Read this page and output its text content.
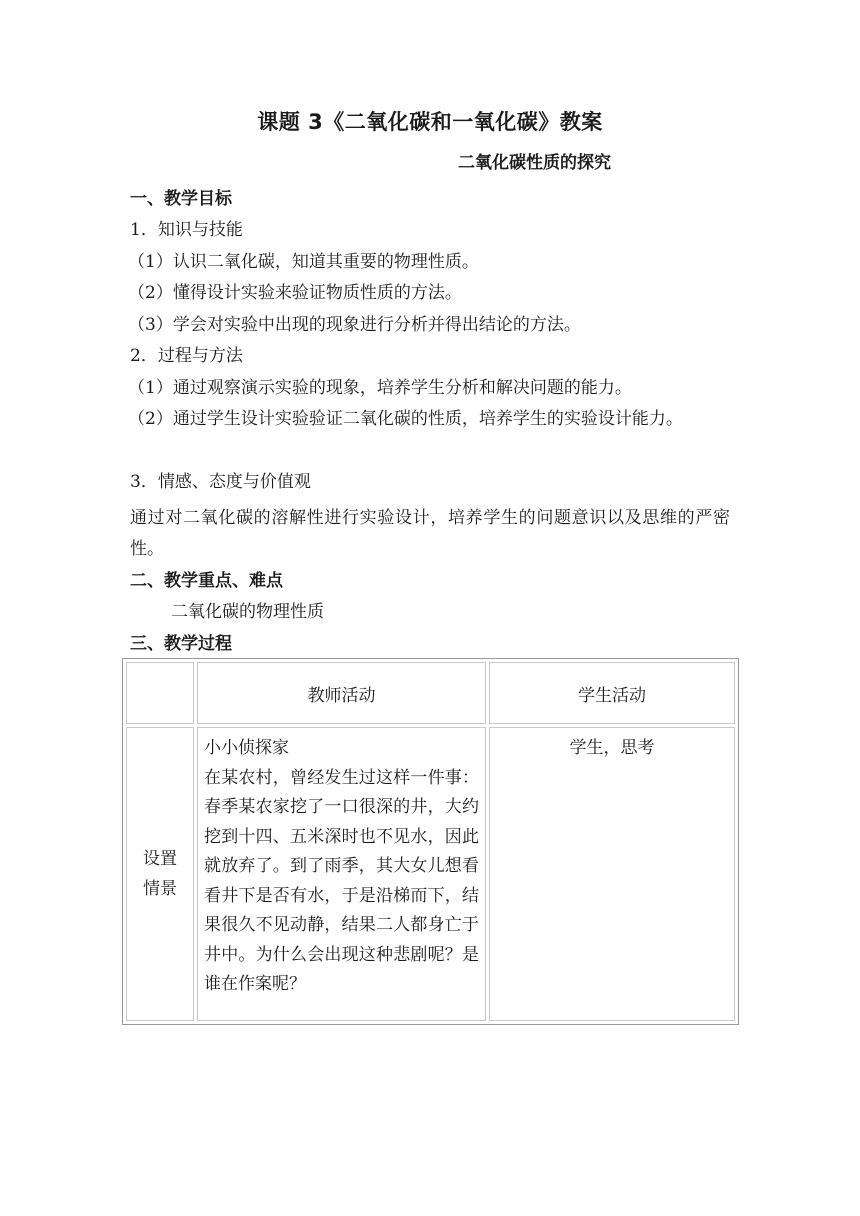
课题 3《二氧化碳和一氧化碳》教案
二氧化碳性质的探究
一、教学目标
1．知识与技能
（1）认识二氧化碳，知道其重要的物理性质。
（2）懂得设计实验来验证物质性质的方法。
（3）学会对实验中出现的现象进行分析并得出结论的方法。
2．过程与方法
（1）通过观察演示实验的现象，培养学生分析和解决问题的能力。
（2）通过学生设计实验验证二氧化碳的性质，培养学生的实验设计能力。
3．情感、态度与价值观
通过对二氧化碳的溶解性进行实验设计，培养学生的问题意识以及思维的严密性。
二、教学重点、难点
二氧化碳的物理性质
三、教学过程
	教师活动	学生活动

设置情景	小小侦探家
在某农村，曾经发生过这样一件事：春季某农家挖了一口很深的井，大约挖到十四、五米深时也不见水，因此就放弃了。到了雨季，其大女儿想看看井下是否有水，于是沿梯而下，结果很久不见动静，结果二人都身亡于井中。为什么会出现这种悲剧呢？是谁在作案呢？	学生，思考
